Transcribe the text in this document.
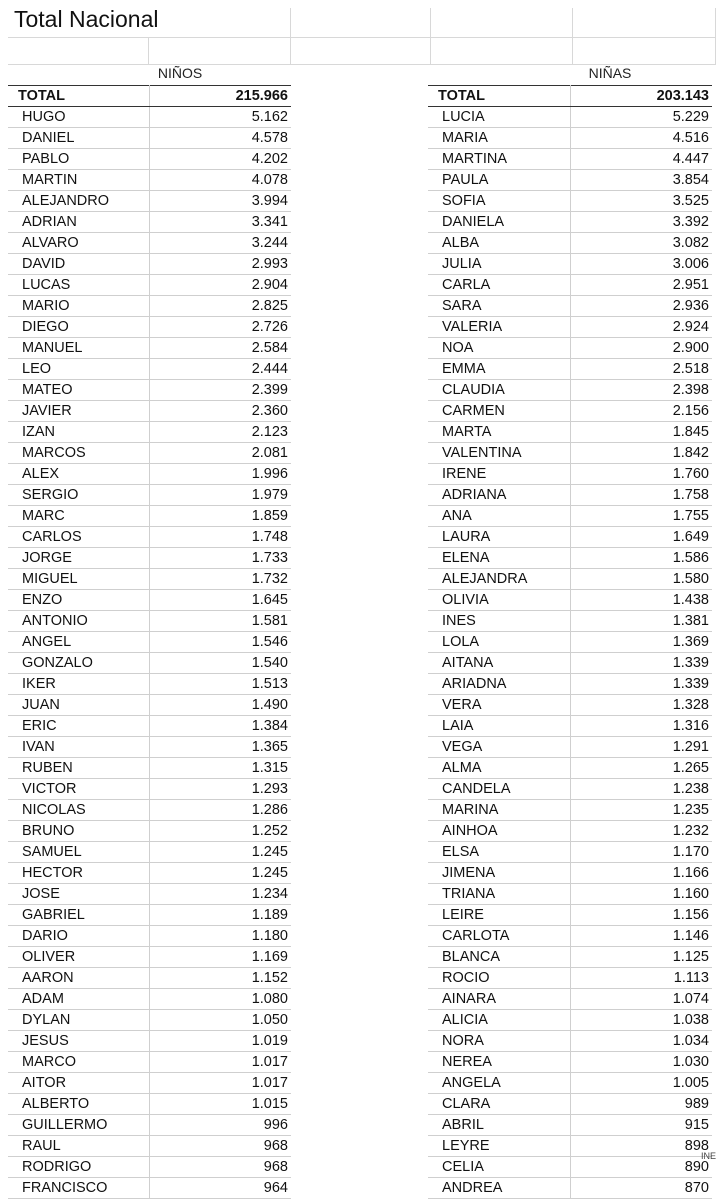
Total Nacional
NIÑOS	NIÑAS
TOTAL	215.966
HUGO	5.162
DANIEL	4.578
PABLO	4.202
MARTIN	4.078
ALEJANDRO	3.994
ADRIAN	3.341
ALVARO	3.244
DAVID	2.993
LUCAS	2.904
MARIO	2.825
DIEGO	2.726
MANUEL	2.584
LEO	2.444
MATEO	2.399
JAVIER	2.360
IZAN	2.123
MARCOS	2.081
ALEX	1.996
SERGIO	1.979
MARC	1.859
CARLOS	1.748
JORGE	1.733
MIGUEL	1.732
ENZO	1.645
ANTONIO	1.581
ANGEL	1.546
GONZALO	1.540
IKER	1.513
JUAN	1.490
ERIC	1.384
IVAN	1.365
RUBEN	1.315
VICTOR	1.293
NICOLAS	1.286
BRUNO	1.252
SAMUEL	1.245
HECTOR	1.245
JOSE	1.234
GABRIEL	1.189
DARIO	1.180
OLIVER	1.169
AARON	1.152
ADAM	1.080
DYLAN	1.050
JESUS	1.019
MARCO	1.017
AITOR	1.017
ALBERTO	1.015
GUILLERMO	996
RAUL	968
RODRIGO	968
FRANCISCO	964
TOTAL	203.143
LUCIA	5.229
MARIA	4.516
MARTINA	4.447
PAULA	3.854
SOFIA	3.525
DANIELA	3.392
ALBA	3.082
JULIA	3.006
CARLA	2.951
SARA	2.936
VALERIA	2.924
NOA	2.900
EMMA	2.518
CLAUDIA	2.398
CARMEN	2.156
MARTA	1.845
VALENTINA	1.842
IRENE	1.760
ADRIANA	1.758
ANA	1.755
LAURA	1.649
ELENA	1.586
ALEJANDRA	1.580
OLIVIA	1.438
INES	1.381
LOLA	1.369
AITANA	1.339
ARIADNA	1.339
VERA	1.328
LAIA	1.316
VEGA	1.291
ALMA	1.265
CANDELA	1.238
MARINA	1.235
AINHOA	1.232
ELSA	1.170
JIMENA	1.166
TRIANA	1.160
LEIRE	1.156
CARLOTA	1.146
BLANCA	1.125
ROCIO	1.113
AINARA	1.074
ALICIA	1.038
NORA	1.034
NEREA	1.030
ANGELA	1.005
CLARA	989
ABRIL	915
LEYRE	898
CELIA	890
ANDREA	870
INE
